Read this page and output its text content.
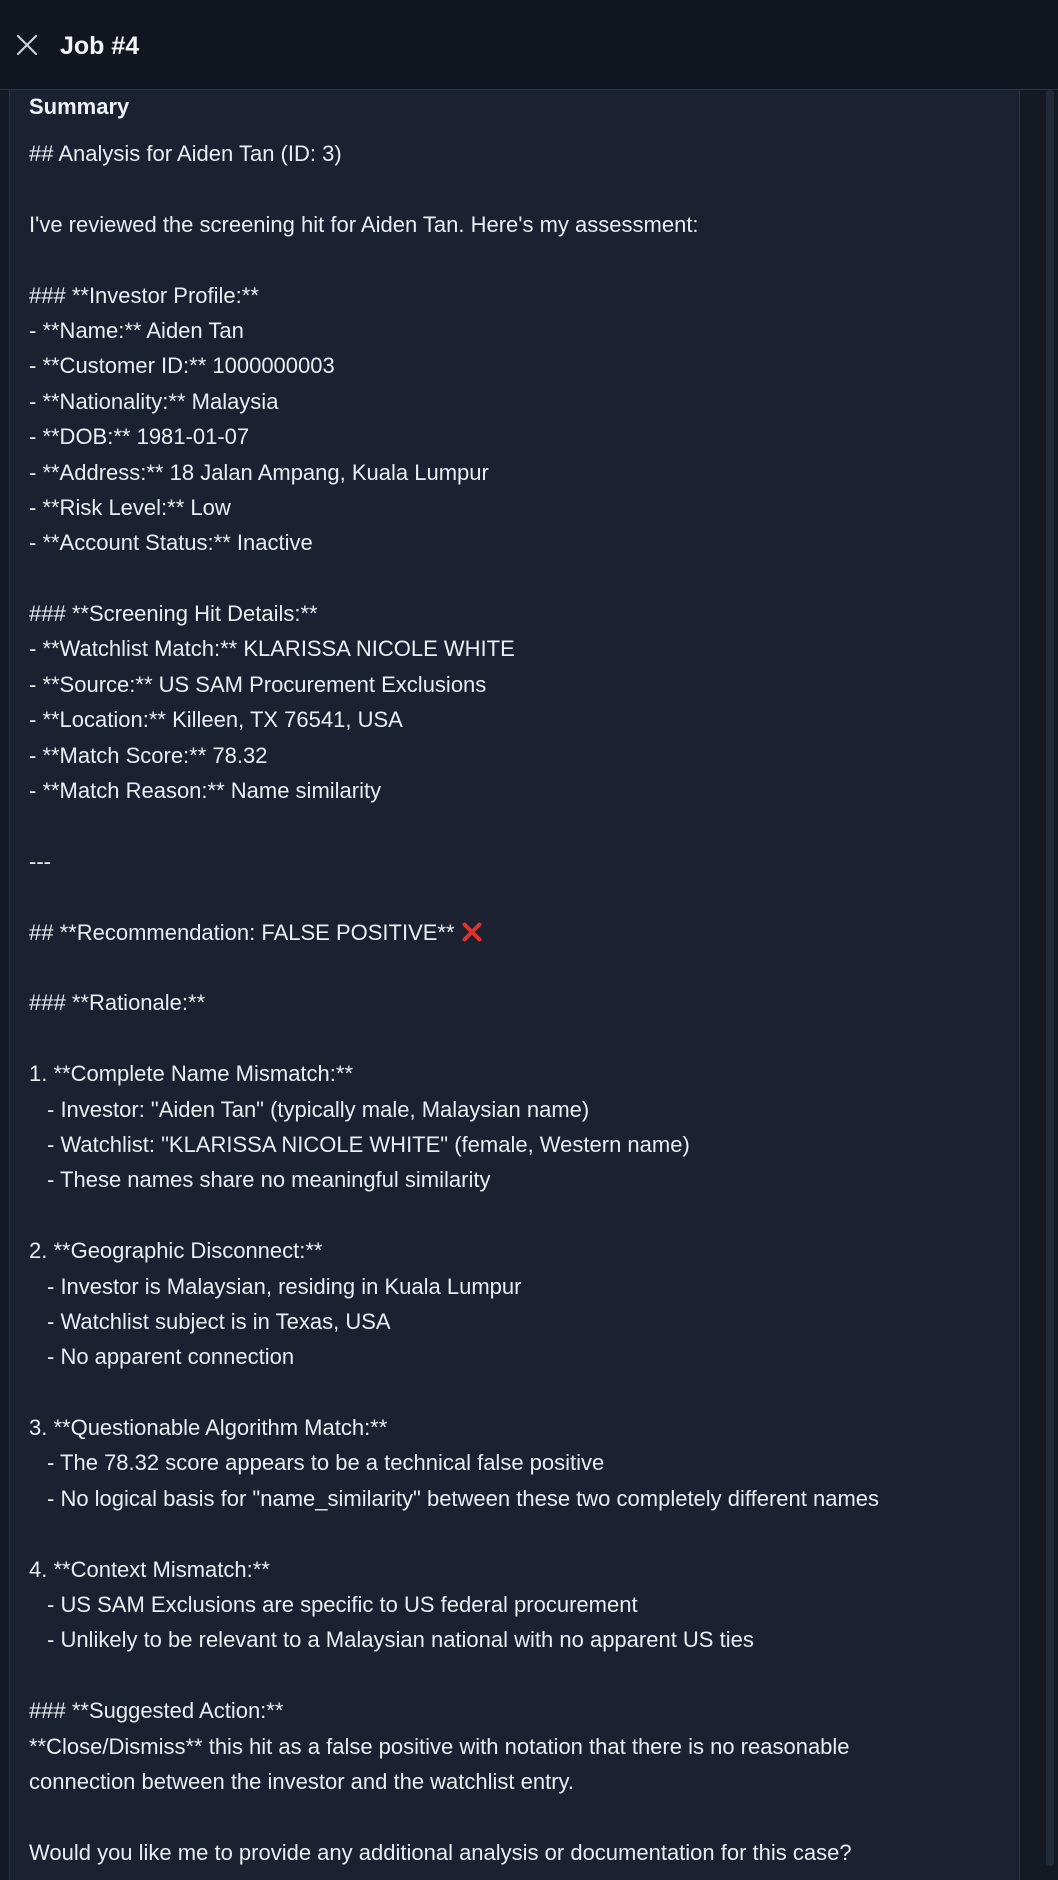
Job #4
Summary
## Analysis for Aiden Tan (ID: 3)
I've reviewed the screening hit for Aiden Tan. Here's my assessment:
### **Investor Profile:**
- **Name:** Aiden Tan
- **Customer ID:** 1000000003
- **Nationality:** Malaysia
- **DOB:** 1981-01-07
- **Address:** 18 Jalan Ampang, Kuala Lumpur
- **Risk Level:** Low
- **Account Status:** Inactive
### **Screening Hit Details:**
- **Watchlist Match:** KLARISSA NICOLE WHITE
- **Source:** US SAM Procurement Exclusions
- **Location:** Killeen, TX 76541, USA
- **Match Score:** 78.32
- **Match Reason:** Name similarity
---
## **Recommendation: FALSE POSITIVE**
### **Rationale:**
1. **Complete Name Mismatch:**
- Investor: "Aiden Tan" (typically male, Malaysian name)
- Watchlist: "KLARISSA NICOLE WHITE" (female, Western name)
- These names share no meaningful similarity
2. **Geographic Disconnect:**
- Investor is Malaysian, residing in Kuala Lumpur
- Watchlist subject is in Texas, USA
- No apparent connection
3. **Questionable Algorithm Match:**
- The 78.32 score appears to be a technical false positive
- No logical basis for "name_similarity" between these two completely different names
4. **Context Mismatch:**
- US SAM Exclusions are specific to US federal procurement
- Unlikely to be relevant to a Malaysian national with no apparent US ties
### **Suggested Action:**
**Close/Dismiss** this hit as a false positive with notation that there is no reasonable
connection between the investor and the watchlist entry.
Would you like me to provide any additional analysis or documentation for this case?
